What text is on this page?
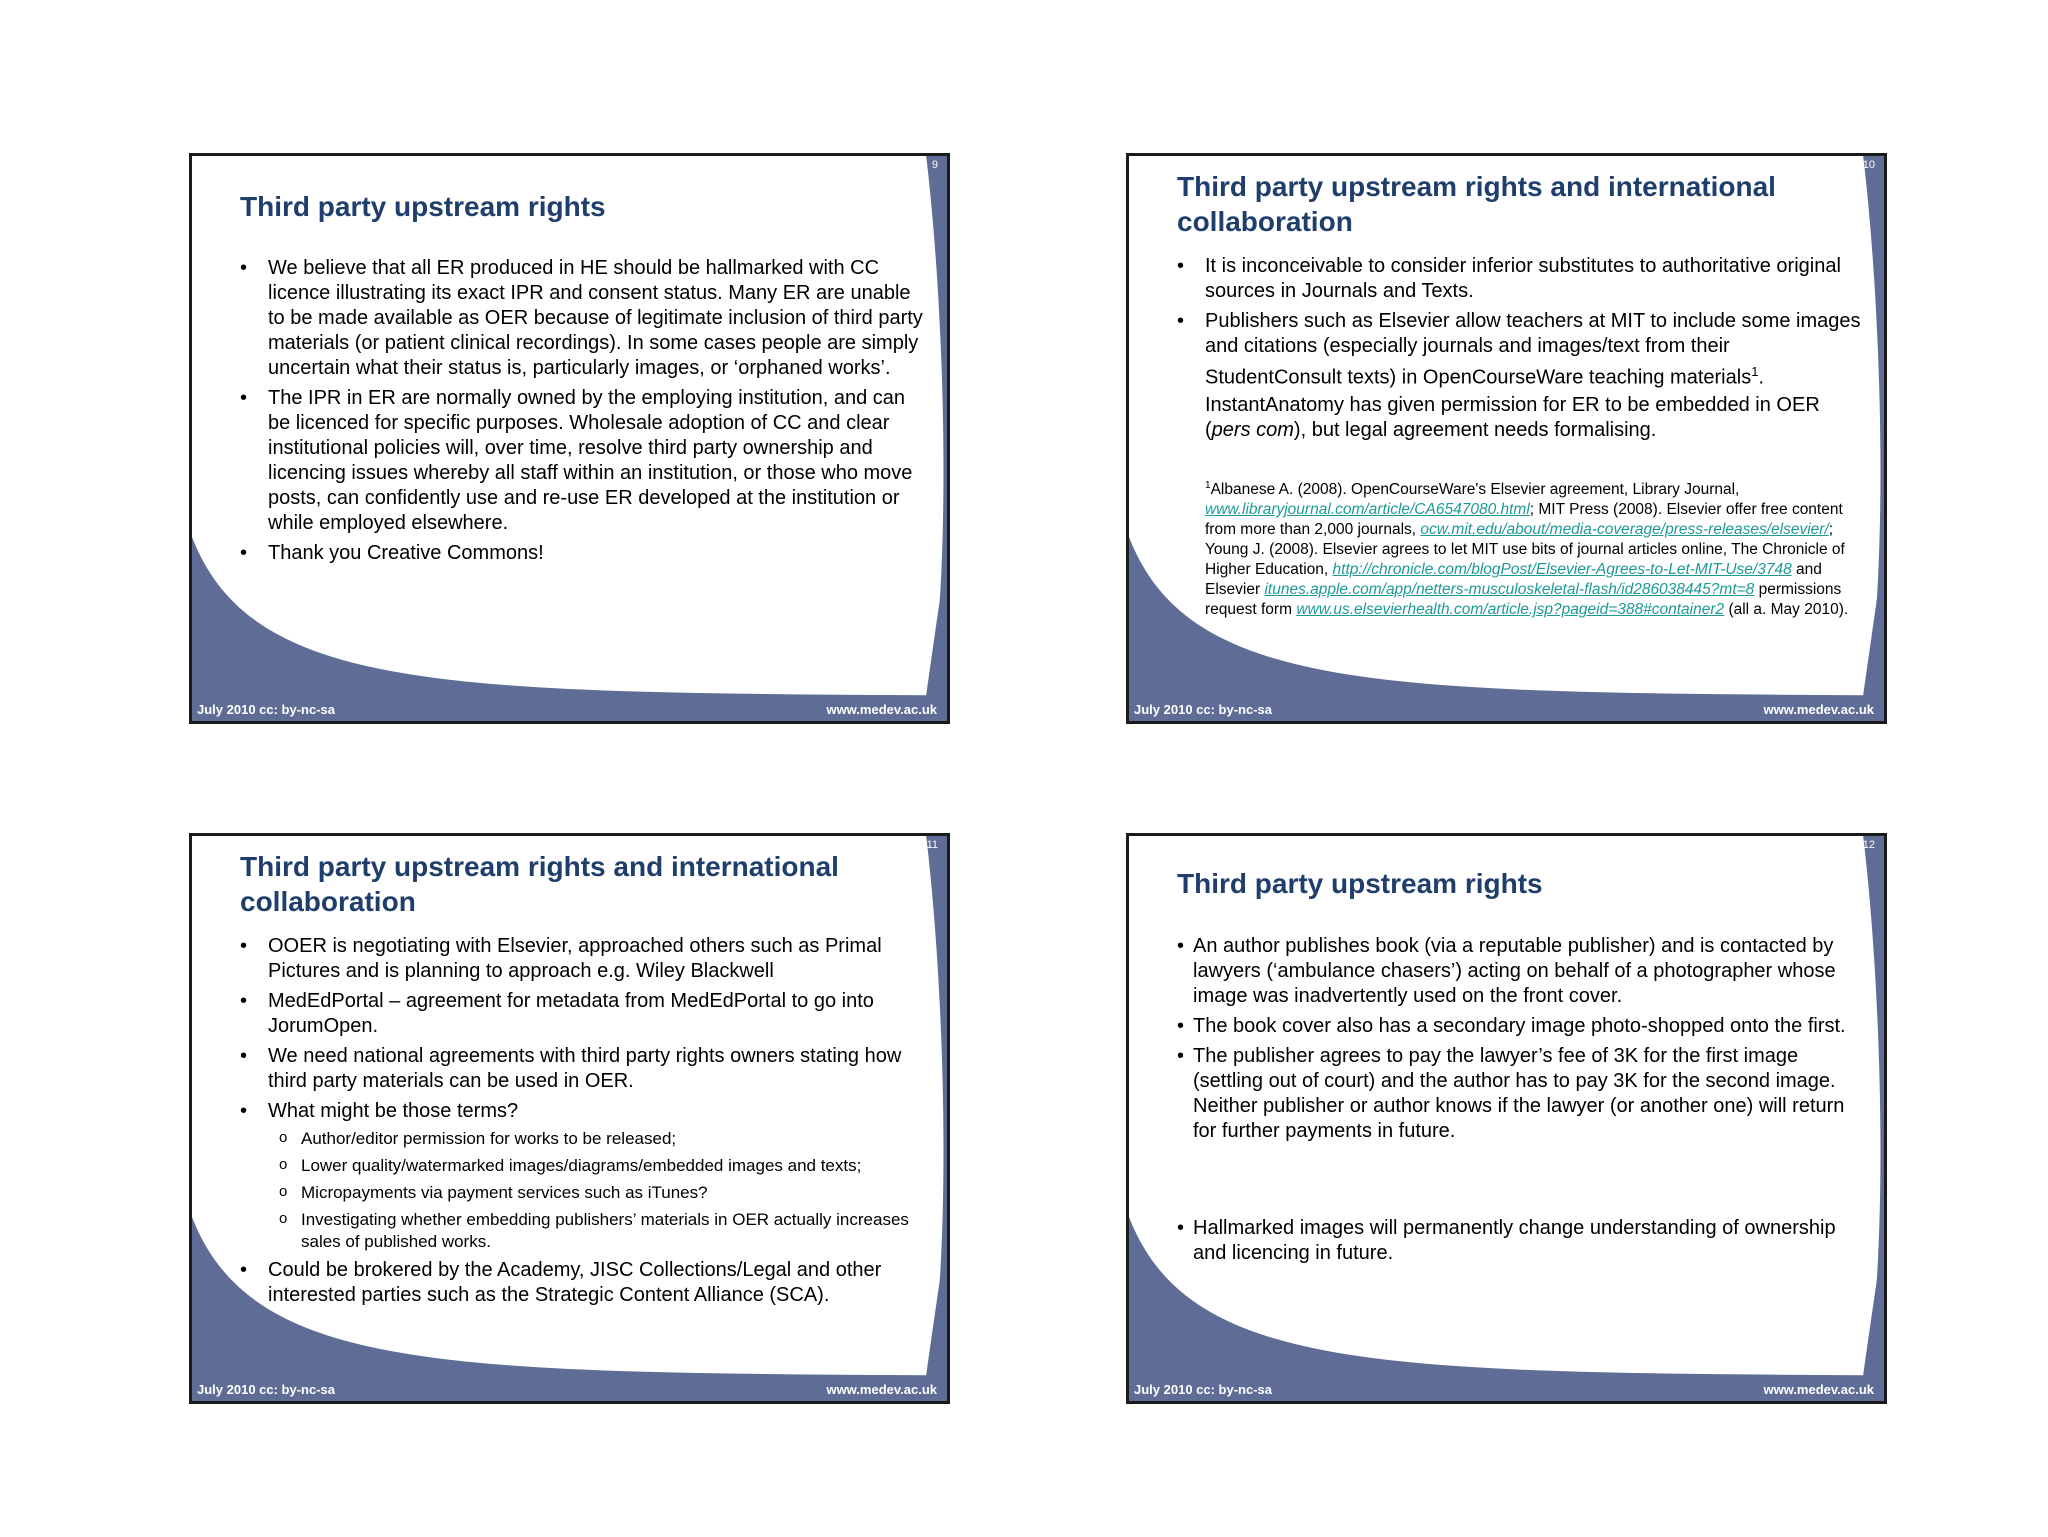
9
Third party upstream rights
• We believe that all ER produced in HE should be hallmarked with CC licence illustrating its exact IPR and consent status. Many ER are unable to be made available as OER because of legitimate inclusion of third party materials (or patient clinical recordings). In some cases people are simply uncertain what their status is, particularly images, or ‘orphaned works’.
• The IPR in ER are normally owned by the employing institution, and can be licenced for specific purposes. Wholesale adoption of CC and clear institutional policies will, over time, resolve third party ownership and licencing issues whereby all staff within an institution, or those who move posts, can confidently use and re-use ER developed at the institution or while employed elsewhere.
• Thank you Creative Commons!
July 2010 cc: by-nc-sa	www.medev.ac.uk
10
Third party upstream rights and international collaboration
• It is inconceivable to consider inferior substitutes to authoritative original sources in Journals and Texts.
• Publishers such as Elsevier allow teachers at MIT to include some images and citations (especially journals and images/text from their StudentConsult texts) in OpenCourseWare teaching materials$^1$.

InstantAnatomy has given permission for ER to be embedded in OER (pers com), but legal agreement needs formalising.

$^1$Albanese A. (2008). OpenCourseWare's Elsevier agreement, Library Journal, www.libraryjournal.com/article/CA6547080.html; MIT Press (2008). Elsevier offer free content from more than 2,000 journals, ocw.mit.edu/about/media-coverage/press-releases/elsevier/; Young J. (2008). Elsevier agrees to let MIT use bits of journal articles online, The Chronicle of Higher Education, http://chronicle.com/blogPost/Elsevier-Agrees-to-Let-MIT-Use/3748 and Elsevier itunes.apple.com/app/netters-musculoskeletal-flash/id286038445?mt=8 permissions request form www.us.elsevierhealth.com/article.jsp?pageid=388#container2 (all a. May 2010).

July 2010 cc: by-nc-sa	www.medev.ac.uk
11
Third party upstream rights and international collaboration
• OOER is negotiating with Elsevier, approached others such as Primal Pictures and is planning to approach e.g. Wiley Blackwell
• MedEdPortal – agreement for metadata from MedEdPortal to go into JorumOpen.
• We need national agreements with third party rights owners stating how third party materials can be used in OER.
• What might be those terms?
o Author/editor permission for works to be released;
o Lower quality/watermarked images/diagrams/embedded images and texts;
o Micropayments via payment services such as iTunes?
o Investigating whether embedding publishers’ materials in OER actually increases sales of published works.
• Could be brokered by the Academy, JISC Collections/Legal and other interested parties such as the Strategic Content Alliance (SCA).
July 2010 cc: by-nc-sa	www.medev.ac.uk
12
Third party upstream rights
• An author publishes book (via a reputable publisher) and is contacted by lawyers (‘ambulance chasers’) acting on behalf of a photographer whose image was inadvertently used on the front cover.
• The book cover also has a secondary image photo-shopped onto the first.
• The publisher agrees to pay the lawyer’s fee of 3K for the first image (settling out of court) and the author has to pay 3K for the second image. Neither publisher or author knows if the lawyer (or another one) will return for further payments in future.
• Hallmarked images will permanently change understanding of ownership and licencing in future.
July 2010 cc: by-nc-sa	www.medev.ac.uk
